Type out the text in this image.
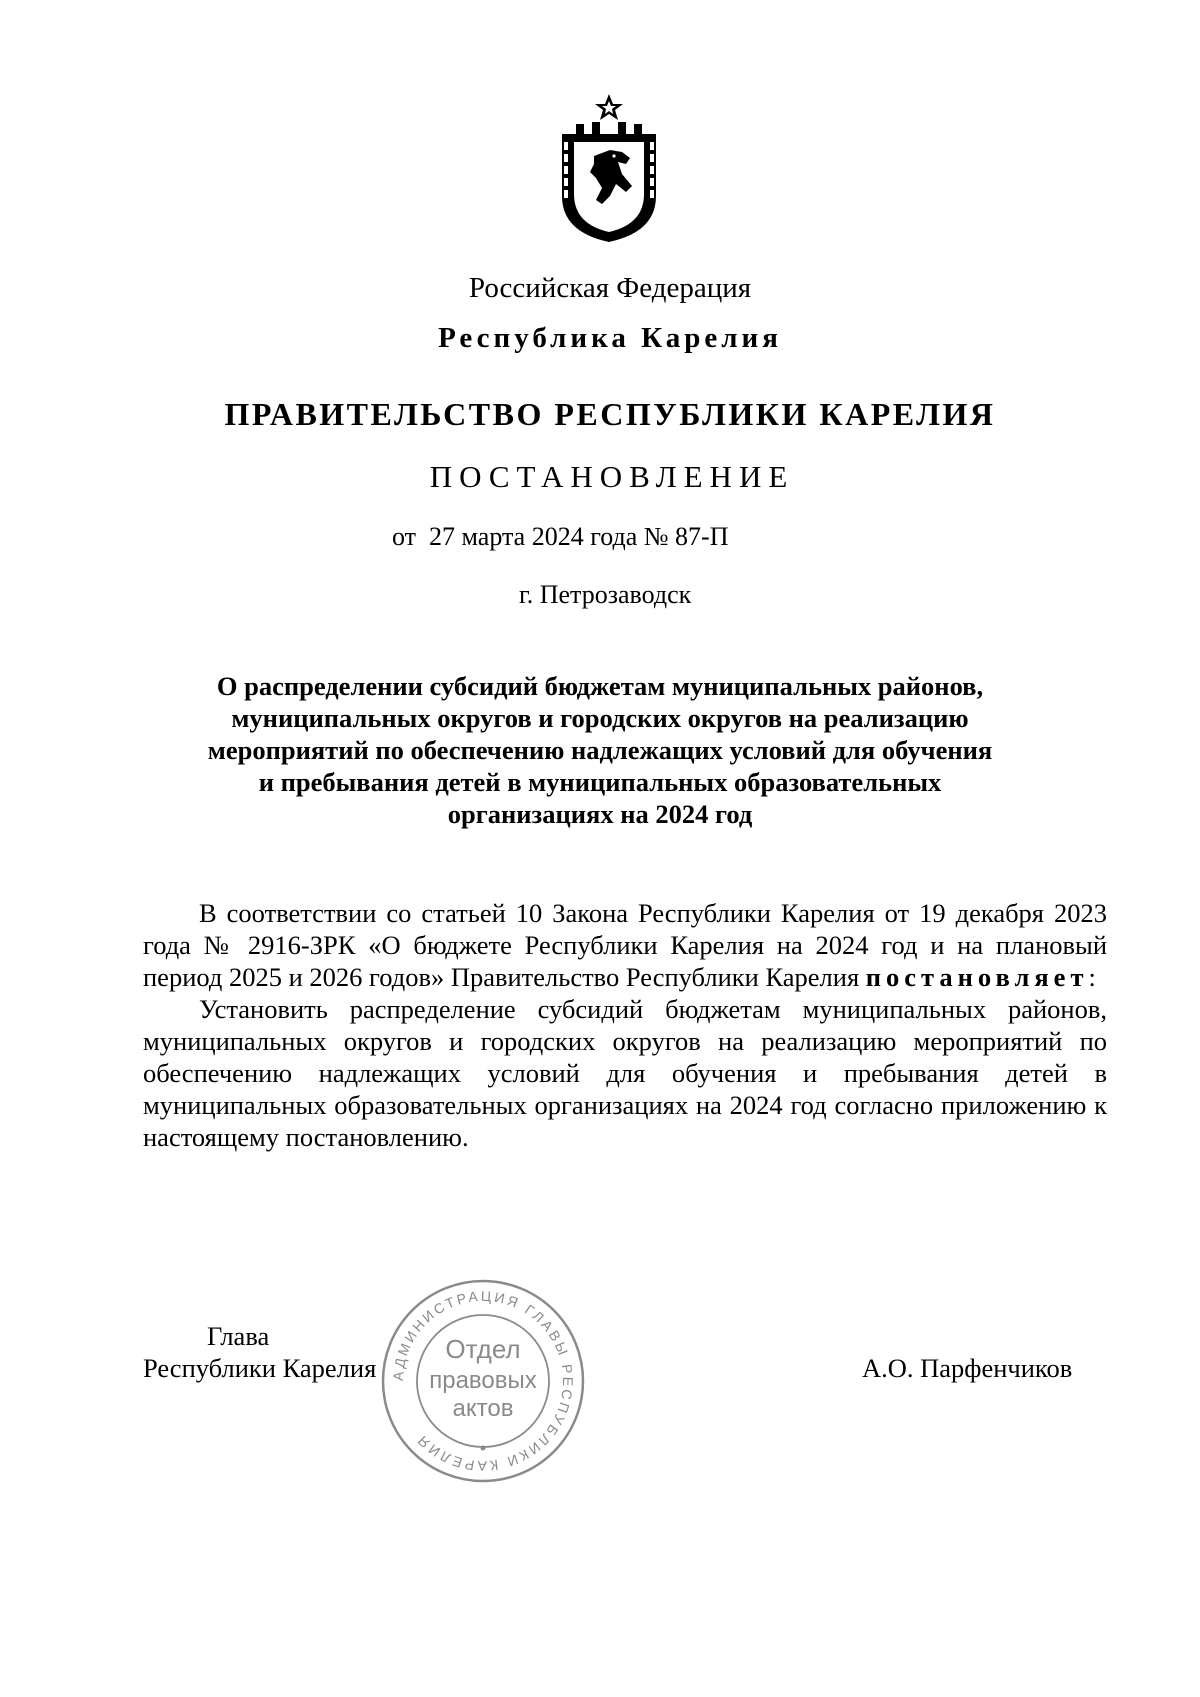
Российская Федерация
Республика Карелия
ПРАВИТЕЛЬСТВО РЕСПУБЛИКИ КАРЕЛИЯ
ПОСТАНОВЛЕНИЕ
от  27 марта 2024 года № 87-П
г. Петрозаводск
О распределении субсидий бюджетам муниципальных районов,
муниципальных округов и городских округов на реализацию
мероприятий по обеспечению надлежащих условий для обучения
и пребывания детей в муниципальных образовательных
организациях на 2024 год

В соответствии со статьей 10 Закона Республики Карелия от 19 декабря 2023 года № 2916-ЗРК «О бюджете Республики Карелия на 2024 год и на плановый период 2025 и 2026 годов» Правительство Республики Карелия постановляет:

Установить распределение субсидий бюджетам муниципальных районов, муниципальных округов и городских округов на реализацию мероприятий по обеспечению надлежащих условий для обучения и пребывания детей в муниципальных образовательных организациях на 2024 год согласно приложению к настоящему постановлению.

Глава
Республики Карелия	А.О. Парфенчиков
АДМИНИСТРАЦИЯ ГЛАВЫ РЕСПУБЛИКИ КАРЕЛИЯ
Отдел
правовых
актов
